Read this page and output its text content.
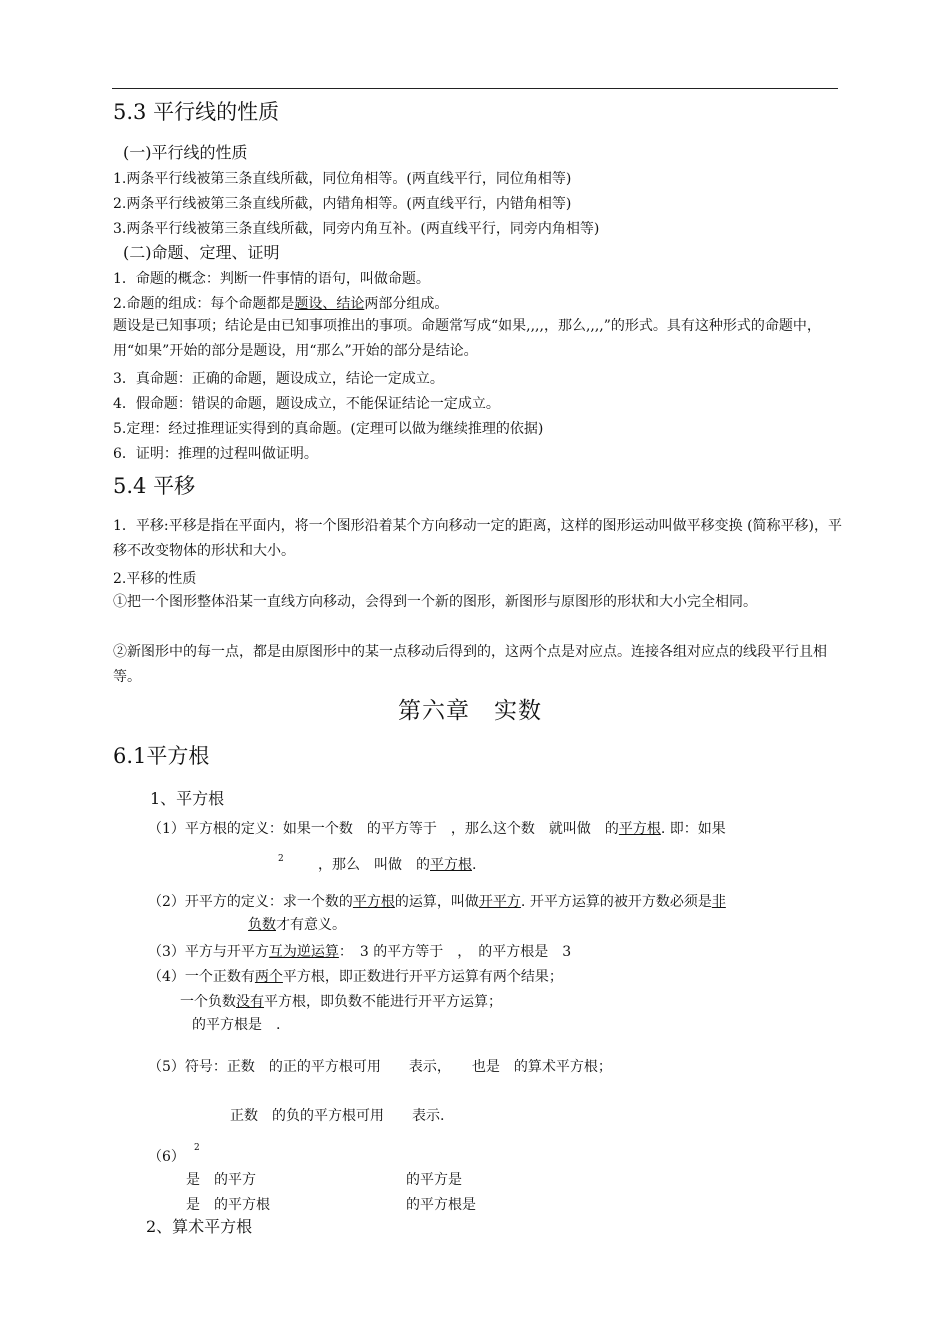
5.3 平行线的性质
(一)平行线的性质
1.两条平行线被第三条直线所截，同位角相等。(两直线平行，同位角相等)
2.两条平行线被第三条直线所截，内错角相等。(两直线平行，内错角相等)
3.两条平行线被第三条直线所截，同旁内角互补。(两直线平行，同旁内角相等)
(二)命题、定理、证明
1．命题的概念：判断一件事情的语句，叫做命题。
2.命题的组成：每个命题都是题设、结论两部分组成。
题设是已知事项；结论是由已知事项推出的事项。命题常写成“如果,,,,，那么,,,,”的形式。具有这种形式的命题中，用“如果”开始的部分是题设，用“那么”开始的部分是结论。
3．真命题：正确的命题，题设成立，结论一定成立。
4．假命题：错误的命题，题设成立，不能保证结论一定成立。
5.定理：经过推理证实得到的真命题。(定理可以做为继续推理的依据)
6．证明：推理的过程叫做证明。
5.4 平移
1．平移:平移是指在平面内，将一个图形沿着某个方向移动一定的距离，这样的图形运动叫做平移变换 (简称平移)，平移不改变物体的形状和大小。
2.平移的性质
①把一个图形整体沿某一直线方向移动，会得到一个新的图形，新图形与原图形的形状和大小完全相同。
②新图形中的每一点，都是由原图形中的某一点移动后得到的，这两个点是对应点。连接各组对应点的线段平行且相等。
第六章　实数
6.1平方根
1、平方根
（1）平方根的定义：如果一个数　的平方等于　，那么这个数　就叫做　的平方根. 即：如果
2 ，那么　叫做　的平方根.
（2）开平方的定义：求一个数的平方根的运算，叫做开平方. 开平方运算的被开方数必须是非
负数才有意义。
（3）平方与开平方互为逆运算：　3 的平方等于　，　的平方根是　3
（4）一个正数有两个平方根，即正数进行开平方运算有两个结果；
一个负数没有平方根，即负数不能进行开平方运算；
的平方根是　.
（5）符号：正数　的正的平方根可用　　表示，　　也是　的算术平方根；
正数　的负的平方根可用　　表示.
（6）
2
是　的平方	的平方是
是　的平方根	的平方根是
2、算术平方根
